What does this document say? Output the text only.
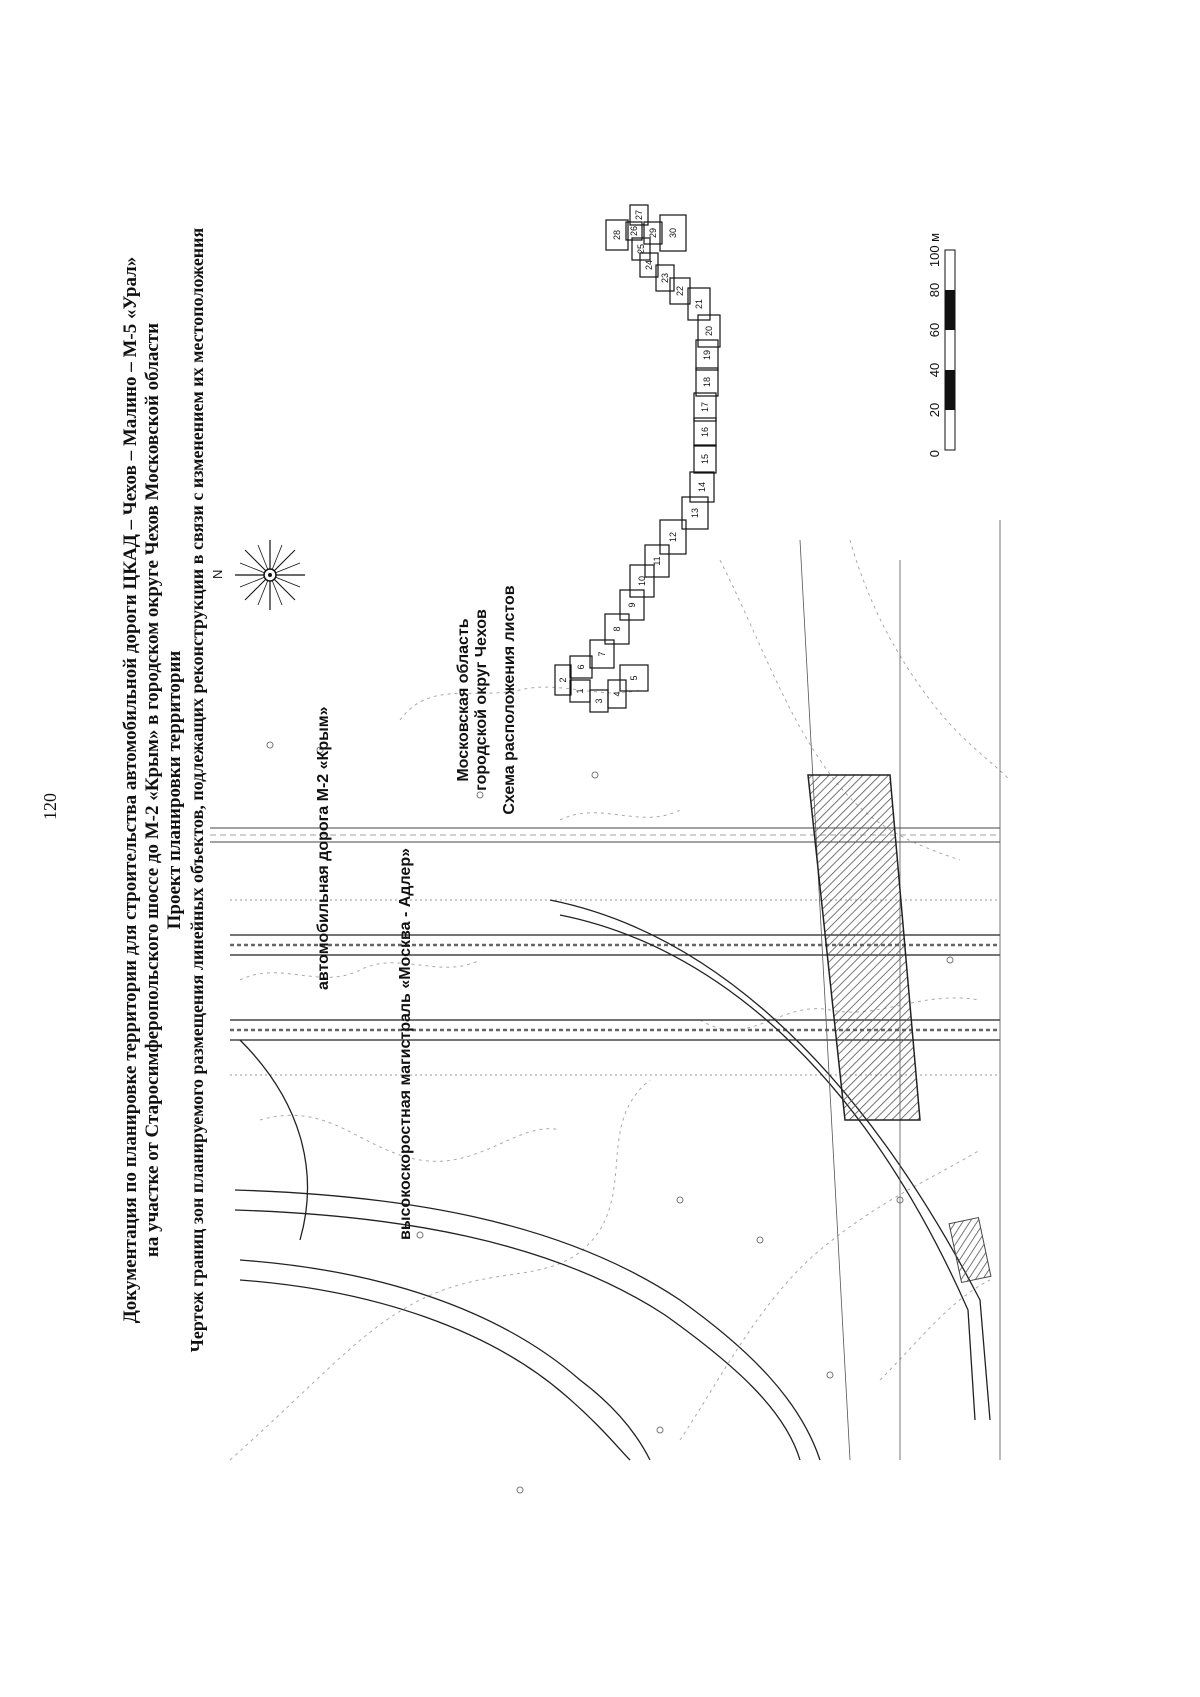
120	Документация по планировке территории для строительства автомобильной дороги ЦКАД – Чехов – Малино – М-5 «Урал» на участке от Старосимферопольского шоссе до М-2 «Крым» в городском округе Чехов Московской области Проект планировки территории Чертеж границ зон планируемого размещения линейных объектов, подлежащих реконструкции в связи с изменением их местоположения N
1
2
3
4
5
6
7
8
9
10
11
12
13
14
15
16
17
18
19
20
21
22
23
24
25
26
27
28	29 30
высокоскоростная магистраль «Москва - Адлер»
автомобильная дорога М-2 «Крым»
Московская область городской округ Чехов Схема расположения листов
0
20
40
60
80
100 м
